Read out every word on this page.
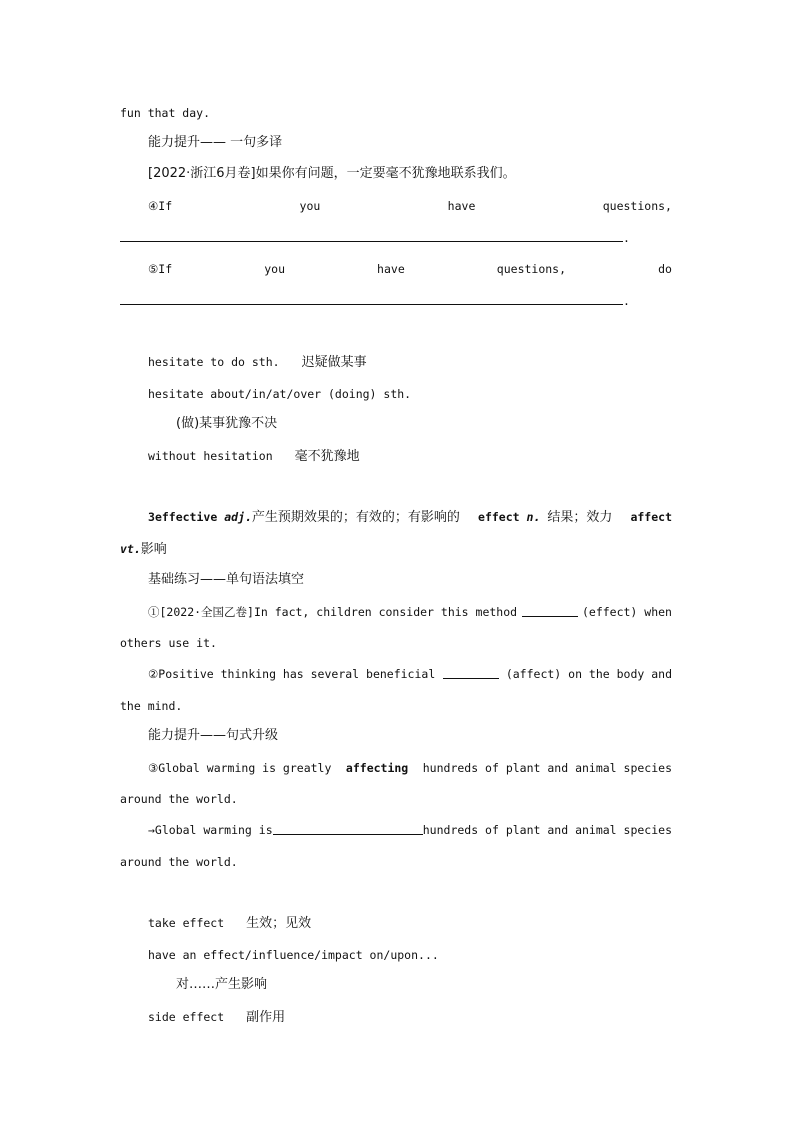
fun that day.
能力提升—— 一句多译
[2022·浙江6月卷]如果你有问题，一定要毫不犹豫地联系我们。
④If	you	have	questions,
.
⑤If	you	have	questions,	do
.
hesitate to do sth. 迟疑做某事
hesitate about/in/at/over (doing) sth.
(做)某事犹豫不决
without hesitation 毫不犹豫地
3effective adj.产生预期效果的；有效的；有影响的 effect n. 结果；效力 affect
vt.影响
基础练习——单句语法填空
①[2022·全国乙卷]In fact, children consider this method	(effect) when
others use it.
②Positive thinking has several beneficial	(affect) on the body and
the mind.
能力提升——句式升级
③Global warming is greatly affecting hundreds of plant and animal species
around the world.
→Global warming is	hundreds of plant and animal species
around the world.
take effect 生效；见效
have an effect/influence/impact on/upon...
对……产生影响
side effect 副作用
